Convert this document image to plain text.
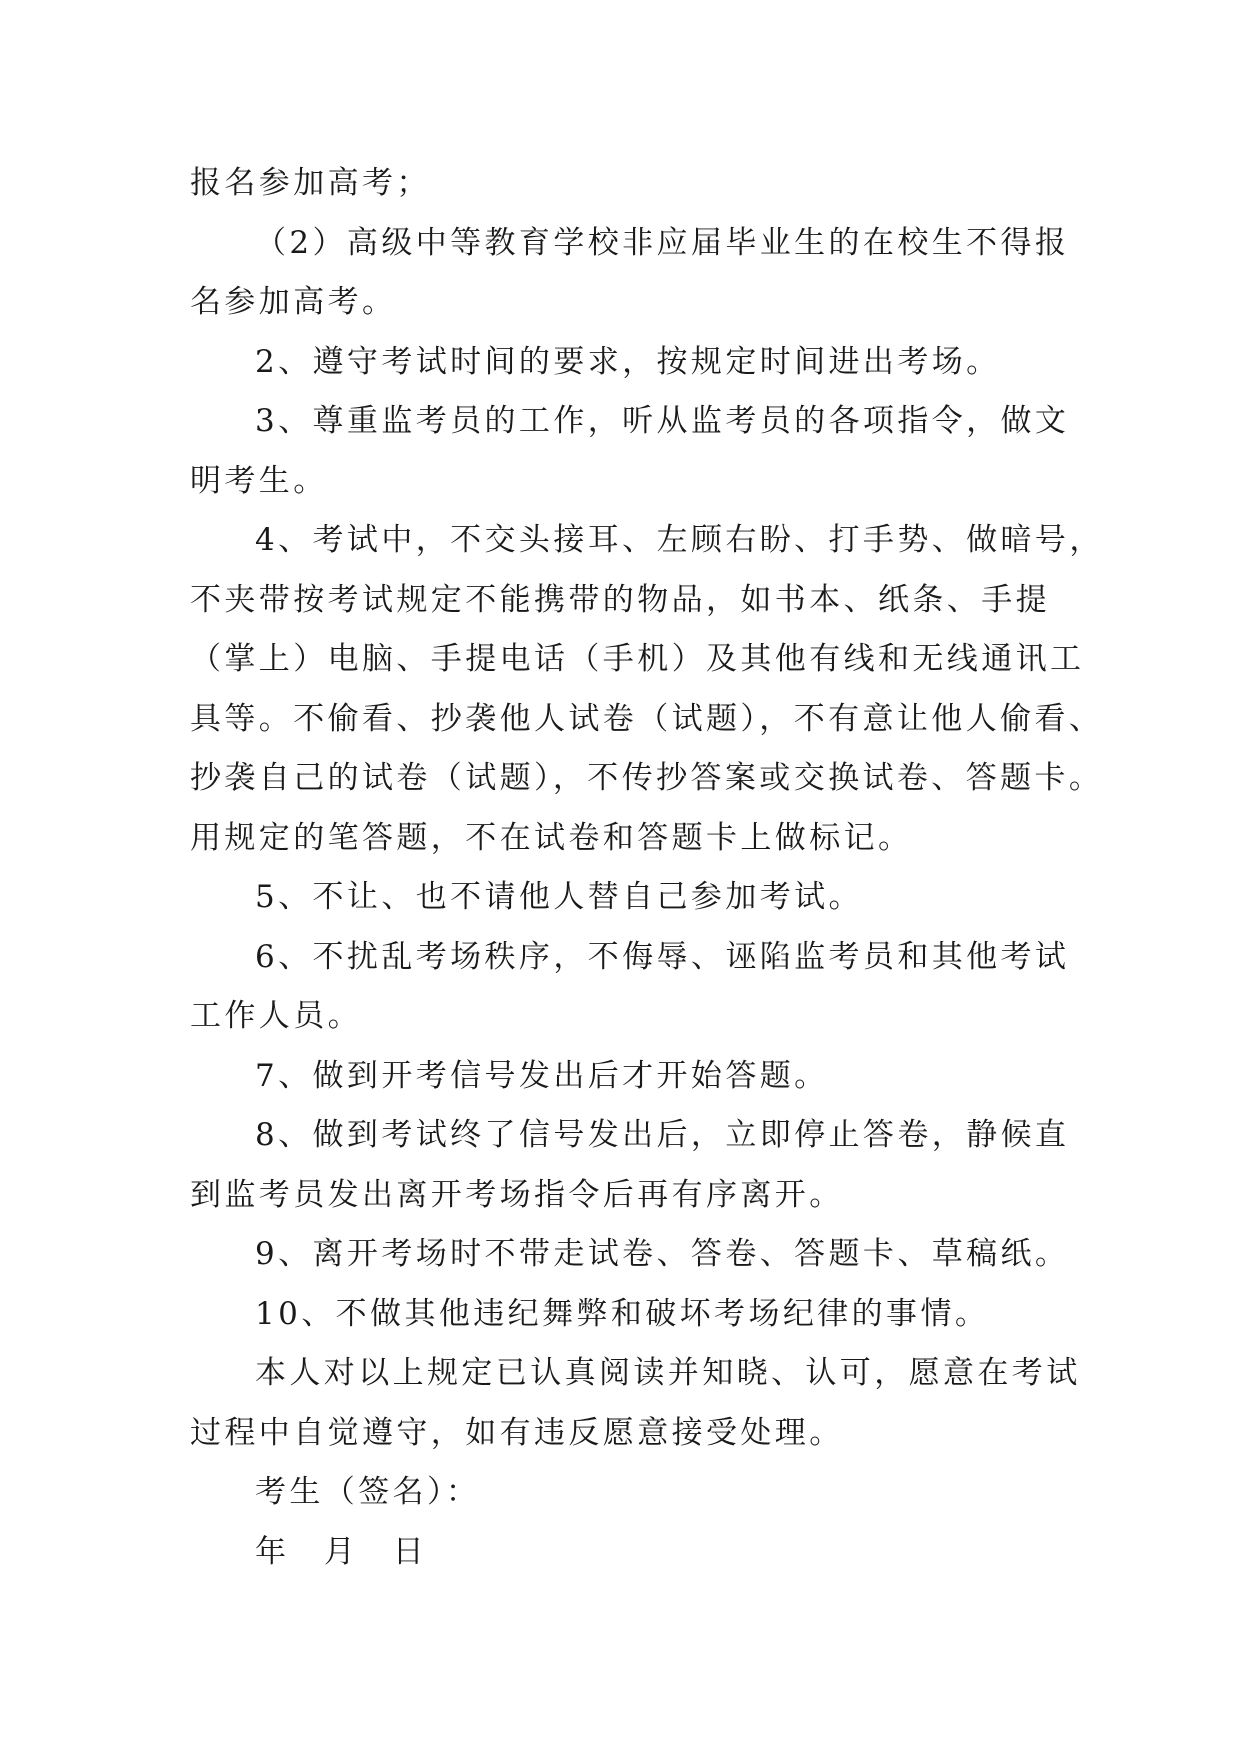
报名参加高考；
（2）高级中等教育学校非应届毕业生的在校生不得报
名参加高考。
2、遵守考试时间的要求，按规定时间进出考场。
3、尊重监考员的工作，听从监考员的各项指令，做文
明考生。
4、考试中，不交头接耳、左顾右盼、打手势、做暗号，
不夹带按考试规定不能携带的物品，如书本、纸条、手提
（掌上）电脑、手提电话（手机）及其他有线和无线通讯工
具等。不偷看、抄袭他人试卷（试题），不有意让他人偷看、
抄袭自己的试卷（试题），不传抄答案或交换试卷、答题卡。
用规定的笔答题，不在试卷和答题卡上做标记。
5、不让、也不请他人替自己参加考试。
6、不扰乱考场秩序，不侮辱、诬陷监考员和其他考试
工作人员。
7、做到开考信号发出后才开始答题。
8、做到考试终了信号发出后，立即停止答卷，静候直
到监考员发出离开考场指令后再有序离开。
9、离开考场时不带走试卷、答卷、答题卡、草稿纸。
10、不做其他违纪舞弊和破坏考场纪律的事情。
本人对以上规定已认真阅读并知晓、认可，愿意在考试
过程中自觉遵守，如有违反愿意接受处理。
考生（签名）：
年 月 日
